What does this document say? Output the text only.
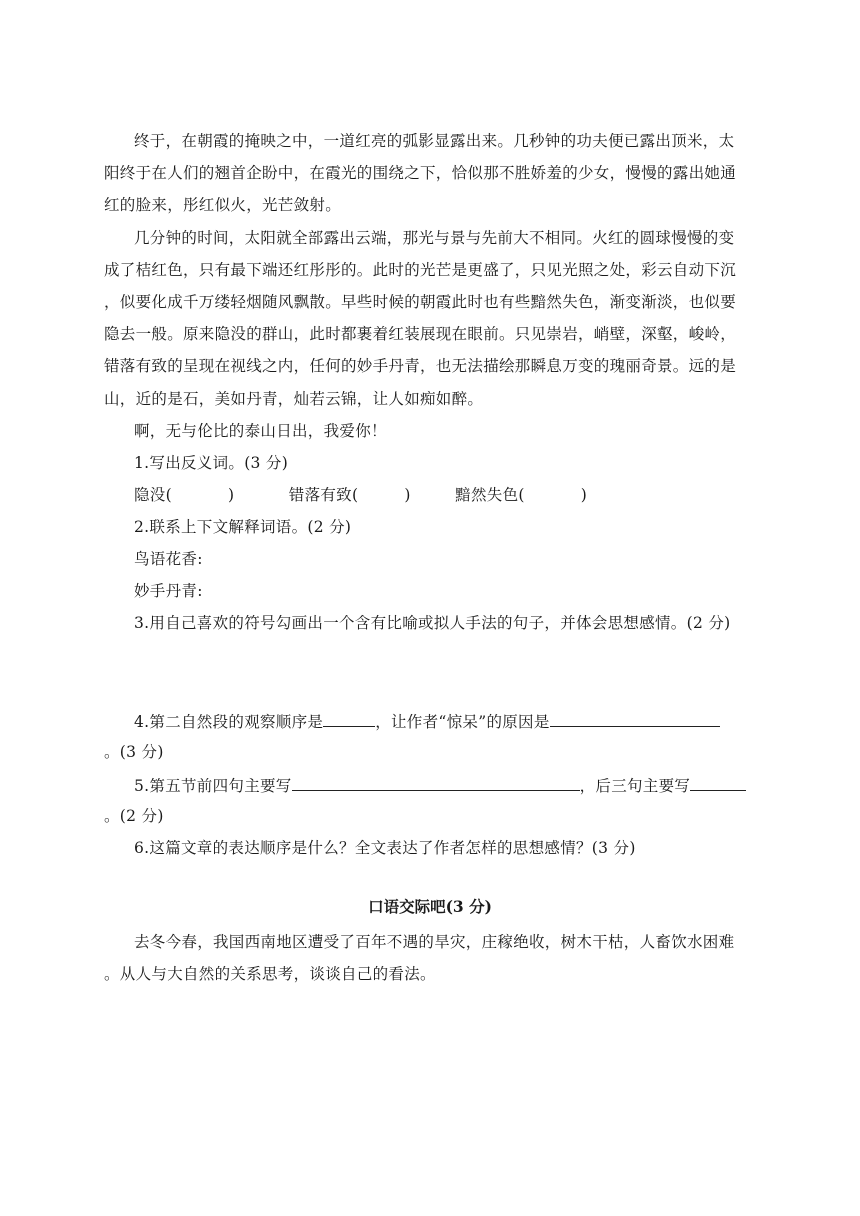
终于，在朝霞的掩映之中，一道红亮的弧影显露出来。几秒钟的功夫便已露出顶米，太
阳终于在人们的翘首企盼中，在霞光的围绕之下，恰似那不胜娇羞的少女，慢慢的露出她通
红的脸来，彤红似火，光芒敛射。
几分钟的时间，太阳就全部露出云端，那光与景与先前大不相同。火红的圆球慢慢的变
成了桔红色，只有最下端还红彤彤的。此时的光芒是更盛了，只见光照之处，彩云自动下沉
，似要化成千万缕轻烟随风飘散。早些时候的朝霞此时也有些黯然失色，渐变渐淡，也似要
隐去一般。原来隐没的群山，此时都裹着红装展现在眼前。只见崇岩，峭壁，深壑，峻岭，
错落有致的呈现在视线之内，任何的妙手丹青，也无法描绘那瞬息万变的瑰丽奇景。远的是
山，近的是石，美如丹青，灿若云锦，让人如痴如醉。
啊，无与伦比的泰山日出，我爱你！
1.写出反义词。(3 分)
隐没(	)	错落有致(	)	黯然失色(	)
2.联系上下文解释词语。(2 分)
鸟语花香:
妙手丹青:
3.用自己喜欢的符号勾画出一个含有比喻或拟人手法的句子，并体会思想感情。(2 分)
4.第二自然段的观察顺序是	，让作者“惊呆”的原因是
。(3 分)
5.第五节前四句主要写	，后三句主要写
。(2 分)
6.这篇文章的表达顺序是什么？全文表达了作者怎样的思想感情？(3 分)
口语交际吧(3 分)
去冬今春，我国西南地区遭受了百年不遇的旱灾，庄稼绝收，树木干枯，人畜饮水困难
。从人与大自然的关系思考，谈谈自己的看法。
